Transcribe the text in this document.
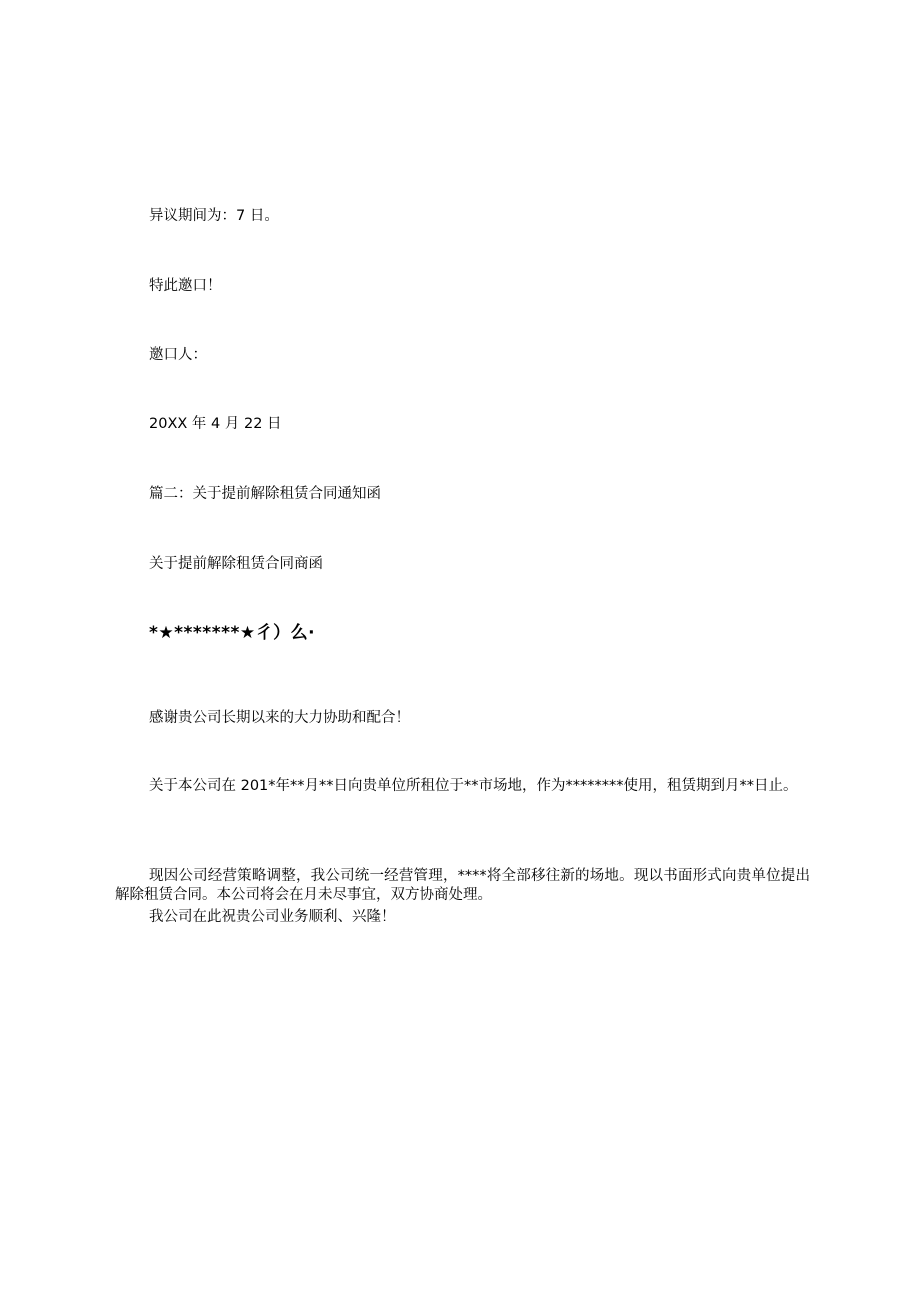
异议期间为：7 日。
特此邀口！
邀口人：
20XX 年 4 月 22 日
篇二：关于提前解除租赁合同通知函
关于提前解除租赁合同商函
*★*******★彳）么·
感谢贵公司长期以来的大力协助和配合！
关于本公司在 201*年**月**日向贵单位所租位于**市场地，作为********使用，租赁期到月**日止。
现因公司经营策略调整，我公司统一经营管理，****将全部移往新的场地。现以书面形式向贵单位提出解除租赁合同。本公司将会在月未尽事宜，双方协商处理。
我公司在此祝贵公司业务顺利、兴隆！
